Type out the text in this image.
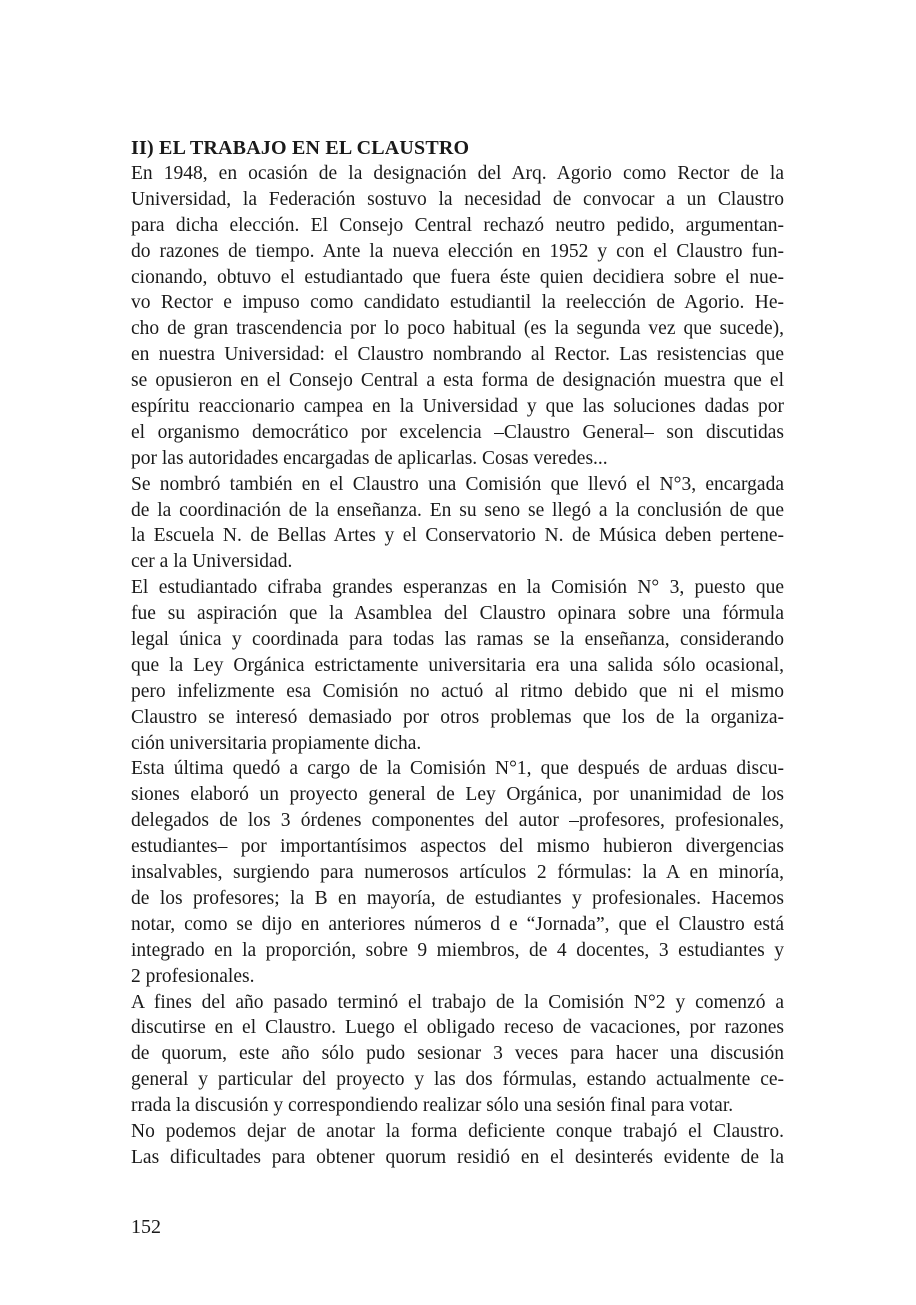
II) EL TRABAJO EN EL CLAUSTRO
En 1948, en ocasión de la designación del Arq. Agorio como Rector de la
Universidad, la Federación sostuvo la necesidad de convocar a un Claustro
para dicha elección. El Consejo Central rechazó neutro pedido, argumentan-
do razones de tiempo. Ante la nueva elección en 1952 y con el Claustro fun-
cionando, obtuvo el estudiantado que fuera éste quien decidiera sobre el nue-
vo Rector e impuso como candidato estudiantil la reelección de Agorio. He-
cho de gran trascendencia por lo poco habitual (es la segunda vez que sucede),
en nuestra Universidad: el Claustro nombrando al Rector. Las resistencias que
se opusieron en el Consejo Central a esta forma de designación muestra que el
espíritu reaccionario campea en la Universidad y que las soluciones dadas por
el organismo democrático por excelencia –Claustro General– son discutidas
por las autoridades encargadas de aplicarlas. Cosas veredes...
Se nombró también en el Claustro una Comisión que llevó el N°3, encargada
de la coordinación de la enseñanza. En su seno se llegó a la conclusión de que
la Escuela N. de Bellas Artes y el Conservatorio N. de Música deben pertene-
cer a la Universidad.
El estudiantado cifraba grandes esperanzas en la Comisión N° 3, puesto que
fue su aspiración que la Asamblea del Claustro opinara sobre una fórmula
legal única y coordinada para todas las ramas se la enseñanza, considerando
que la Ley Orgánica estrictamente universitaria era una salida sólo ocasional,
pero infelizmente esa Comisión no actuó al ritmo debido que ni el mismo
Claustro se interesó demasiado por otros problemas que los de la organiza-
ción universitaria propiamente dicha.
Esta última quedó a cargo de la Comisión N°1, que después de arduas discu-
siones elaboró un proyecto general de Ley Orgánica, por unanimidad de los
delegados de los 3 órdenes componentes del autor –profesores, profesionales,
estudiantes– por importantísimos aspectos del mismo hubieron divergencias
insalvables, surgiendo para numerosos artículos 2 fórmulas: la A en minoría,
de los profesores; la B en mayoría, de estudiantes y profesionales. Hacemos
notar, como se dijo en anteriores números d e “Jornada”, que el Claustro está
integrado en la proporción, sobre 9 miembros, de 4 docentes, 3 estudiantes y
2 profesionales.
A fines del año pasado terminó el trabajo de la Comisión N°2 y comenzó a
discutirse en el Claustro. Luego el obligado receso de vacaciones, por razones
de quorum, este año sólo pudo sesionar 3 veces para hacer una discusión
general y particular del proyecto y las dos fórmulas, estando actualmente ce-
rrada la discusión y correspondiendo realizar sólo una sesión final para votar.
No podemos dejar de anotar la forma deficiente conque trabajó el Claustro.
Las dificultades para obtener quorum residió en el desinterés evidente de la
152
